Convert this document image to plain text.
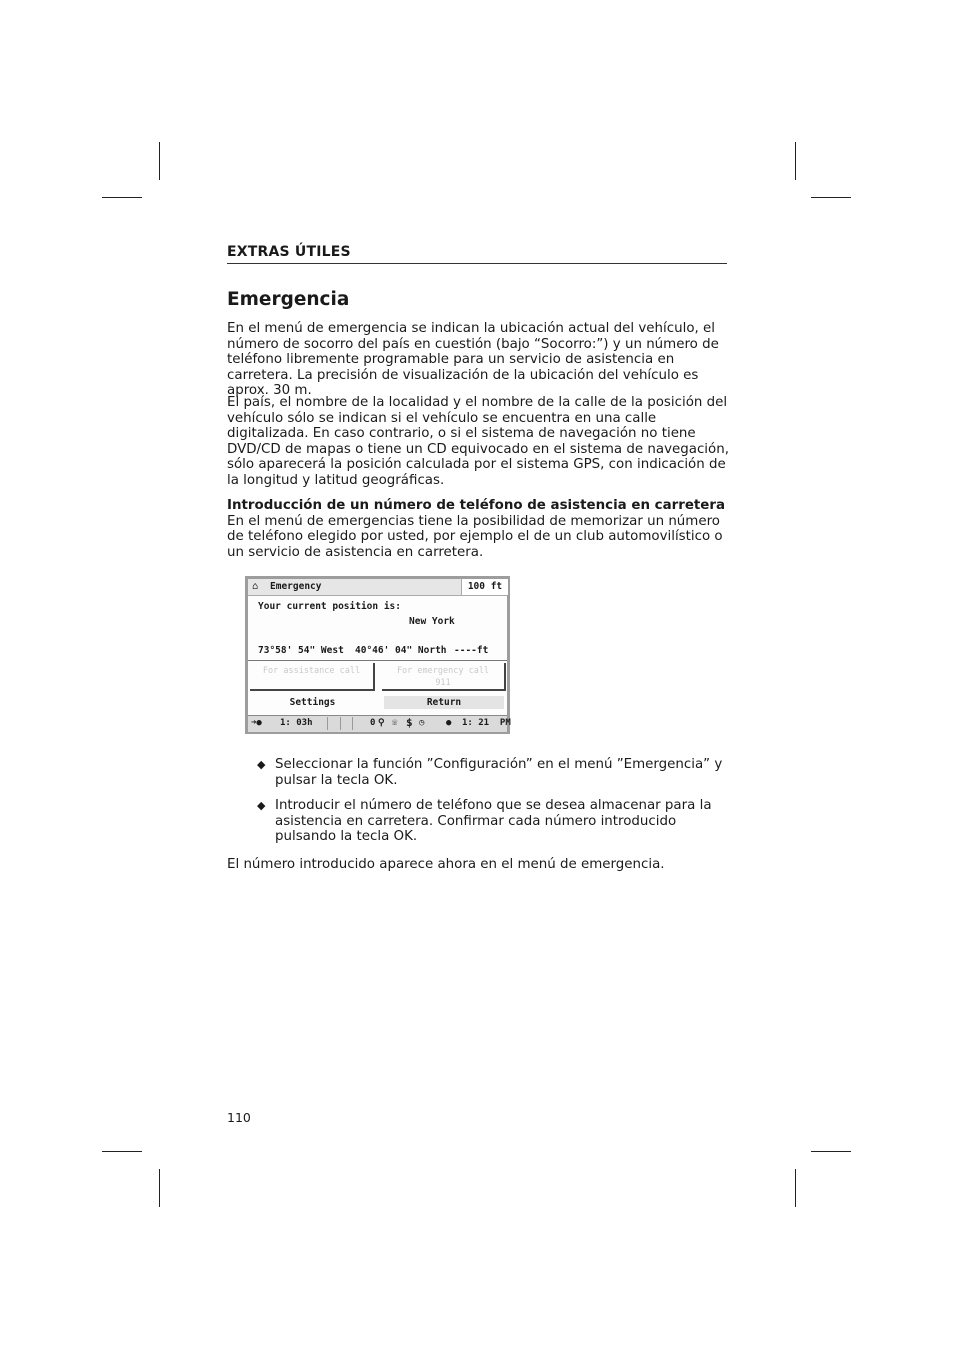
EXTRAS ÚTILES
Emergencia

En el menú de emergencia se indican la ubicación actual del vehículo, el número de socorro del país en cuestión (bajo “Socorro:”) y un número de teléfono libremente programable para un servicio de asistencia en carretera. La precisión de visualización de la ubicación del vehículo es aprox. 30 m.

El país, el nombre de la localidad y el nombre de la calle de la posición del vehículo sólo se indican si el vehículo se encuentra en una calle digitalizada. En caso contrario, o si el sistema de navegación no tiene DVD/CD de mapas o tiene un CD equivocado en el sistema de navegación, sólo aparecerá la posición calculada por el sistema GPS, con indicación de la longitud y latitud geográficas.

Introducción de un número de teléfono de asistencia en carretera

En el menú de emergencias tiene la posibilidad de memorizar un número de teléfono elegido por usted, por ejemplo el de un club automovilístico o un servicio de asistencia en carretera.

⌂ Emergency	100 ft
Your current position is:
New York
73°58' 54" West 40°46' 04" North ----ft
For assistance call	For emergency call
911
Settings	Return
➜● 1: 03h	0 ⚲ ☏ $ ◷ ● 1: 21  PM
◆ Seleccionar la función ”Configuración” en el menú ”Emergencia” y pulsar la tecla OK.
◆ Introducir el número de teléfono que se desea almacenar para la asistencia en carretera. Confirmar cada número introducido pulsando la tecla OK.
El número introducido aparece ahora en el menú de emergencia.
110
